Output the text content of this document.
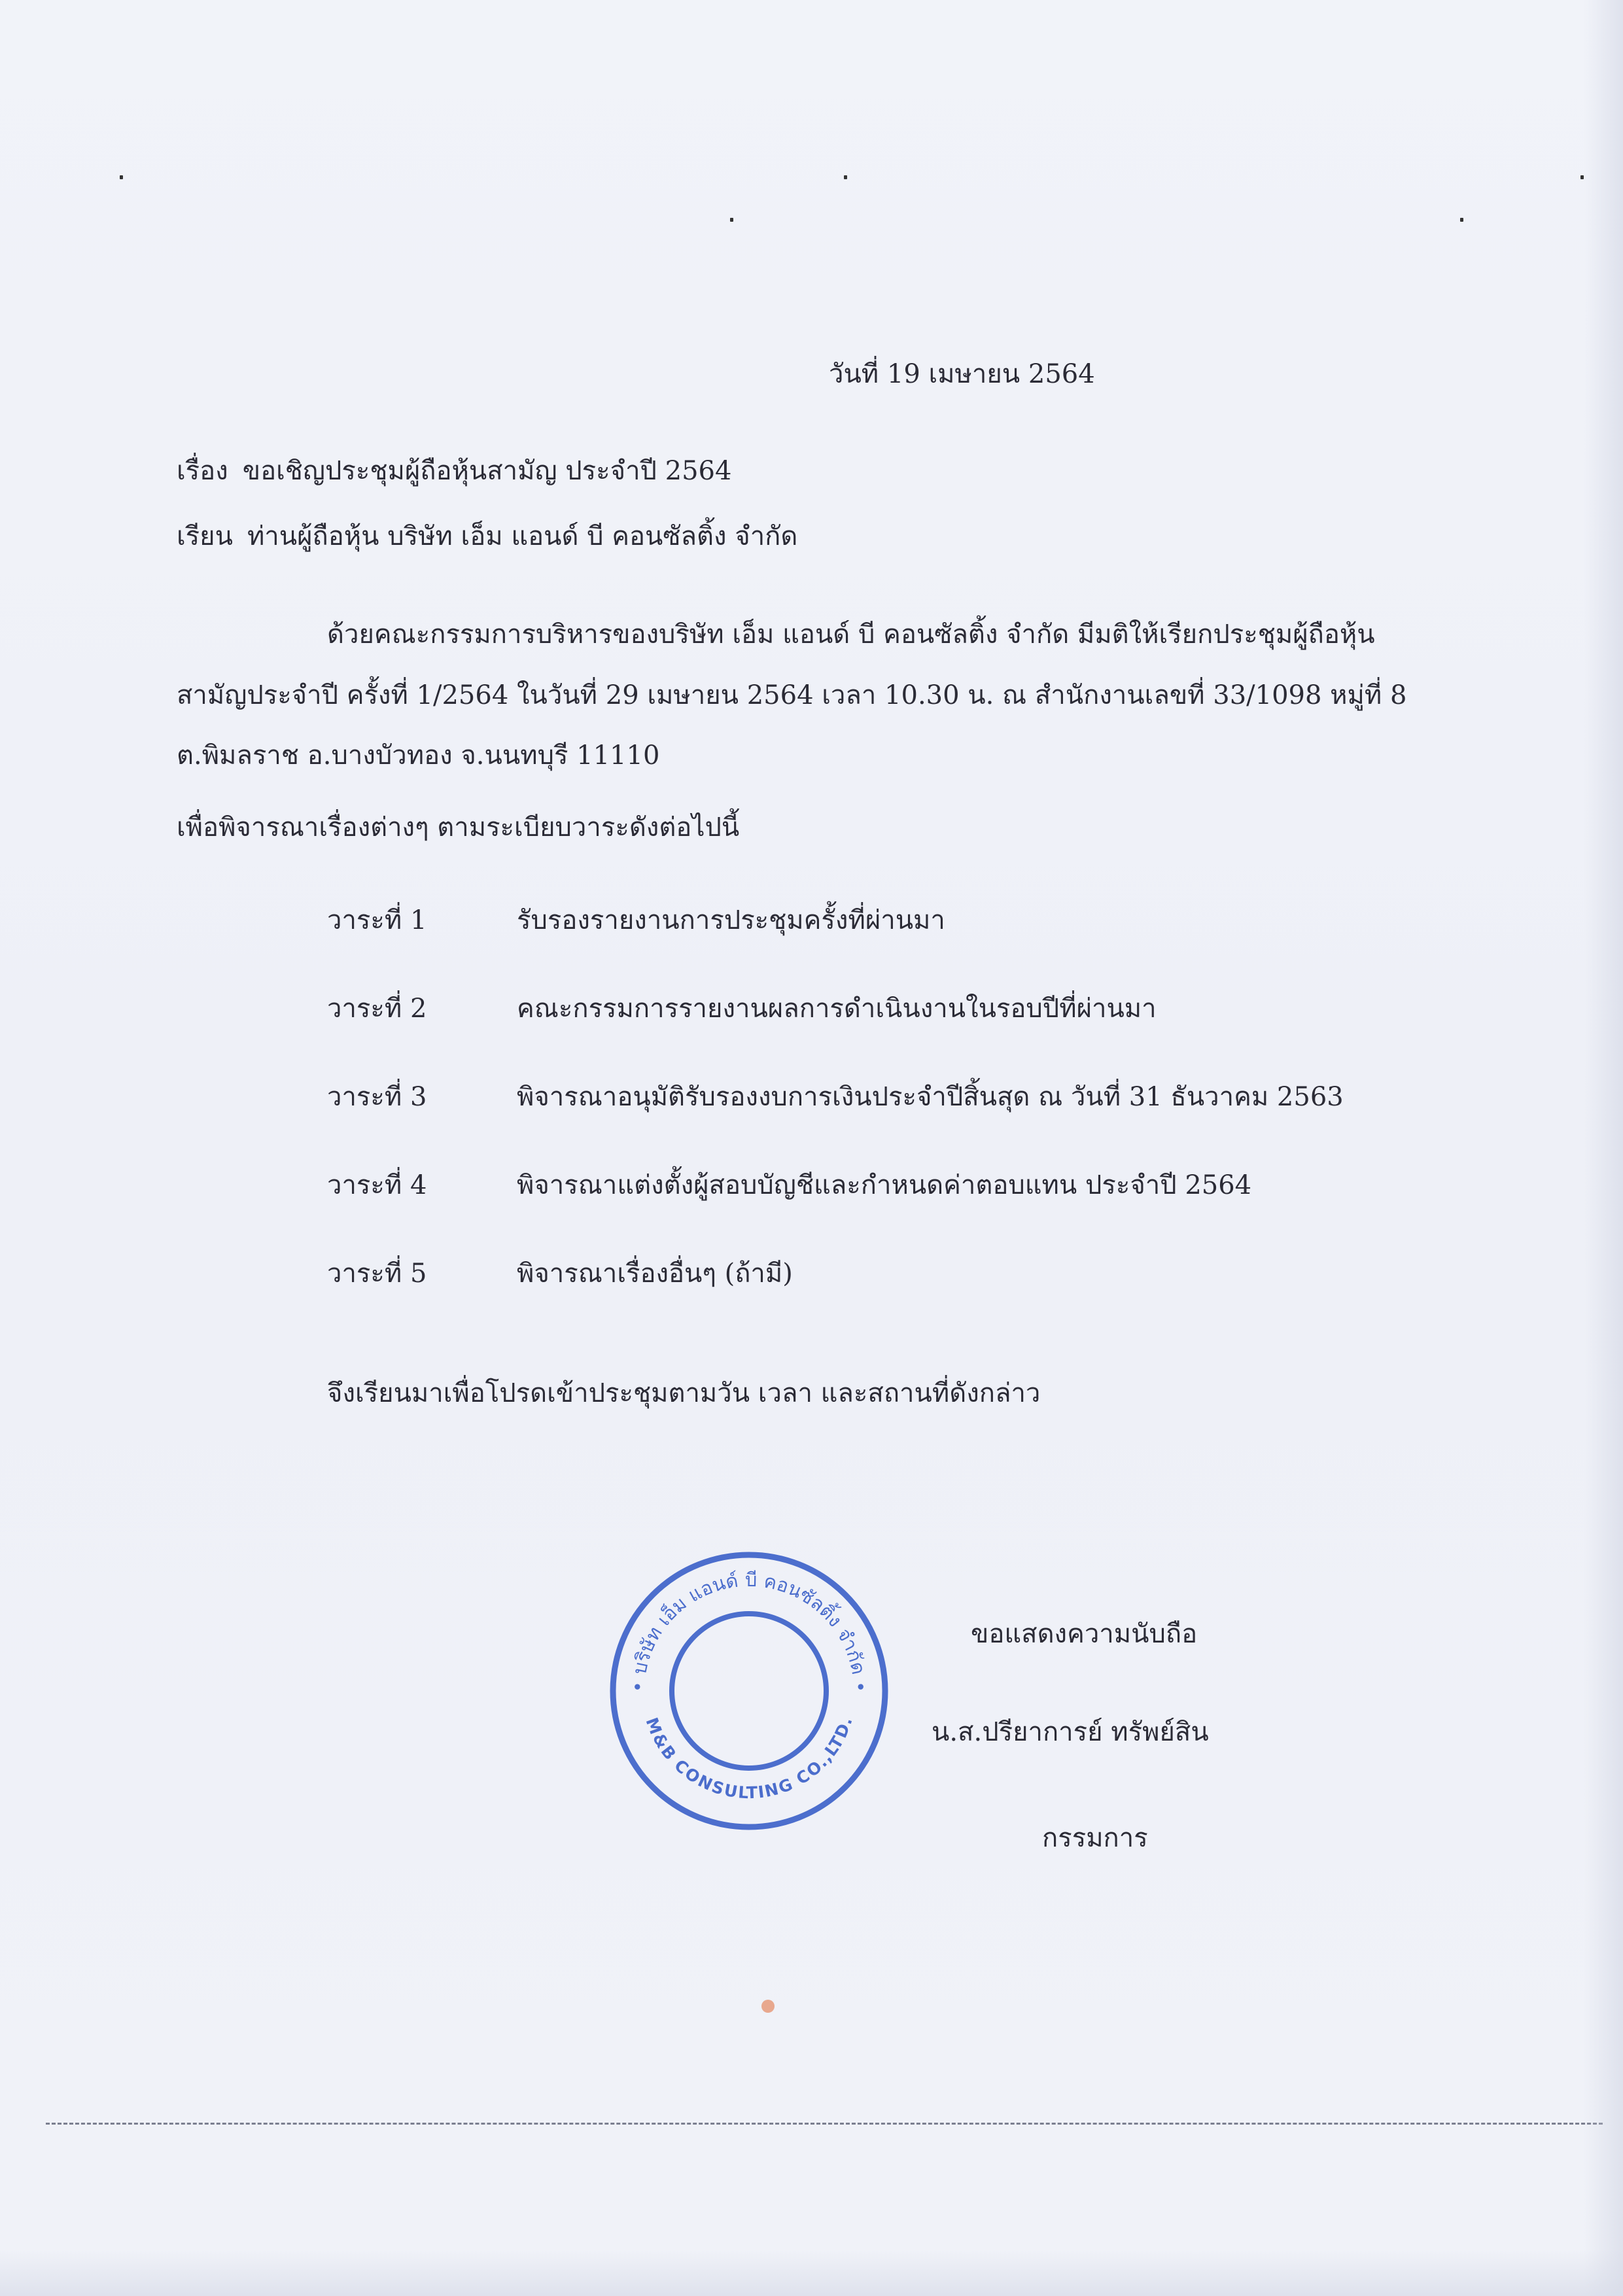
วันที่ 19 เมษายน 2564
เรื่อง ขอเชิญประชุมผู้ถือหุ้นสามัญ ประจำปี 2564
เรียน ท่านผู้ถือหุ้น บริษัท เอ็ม แอนด์ บี คอนซัลติ้ง จำกัด
ด้วยคณะกรรมการบริหารของบริษัท เอ็ม แอนด์ บี คอนซัลติ้ง จำกัด มีมติให้เรียกประชุมผู้ถือหุ้น
สามัญประจำปี ครั้งที่ 1/2564 ในวันที่ 29 เมษายน 2564 เวลา 10.30 น. ณ สำนักงานเลขที่ 33/1098 หมู่ที่ 8
ต.พิมลราช อ.บางบัวทอง จ.นนทบุรี 11110
เพื่อพิจารณาเรื่องต่างๆ ตามระเบียบวาระดังต่อไปนี้
วาระที่ 1	รับรองรายงานการประชุมครั้งที่ผ่านมา
วาระที่ 2	คณะกรรมการรายงานผลการดำเนินงานในรอบปีที่ผ่านมา
วาระที่ 3	พิจารณาอนุมัติรับรองงบการเงินประจำปีสิ้นสุด ณ วันที่ 31 ธันวาคม 2563
วาระที่ 4	พิจารณาแต่งตั้งผู้สอบบัญชีและกำหนดค่าตอบแทน ประจำปี 2564
วาระที่ 5	พิจารณาเรื่องอื่นๆ (ถ้ามี)
จึงเรียนมาเพื่อโปรดเข้าประชุมตามวัน เวลา และสถานที่ดังกล่าว
• บริษัท เอ็ม แอนด์ บี คอนซัลติ้ง จำกัด •
M&B CONSULTING CO.,LTD.
ขอแสดงความนับถือ
น.ส.ปรียาการย์ ทรัพย์สิน
กรรมการ
